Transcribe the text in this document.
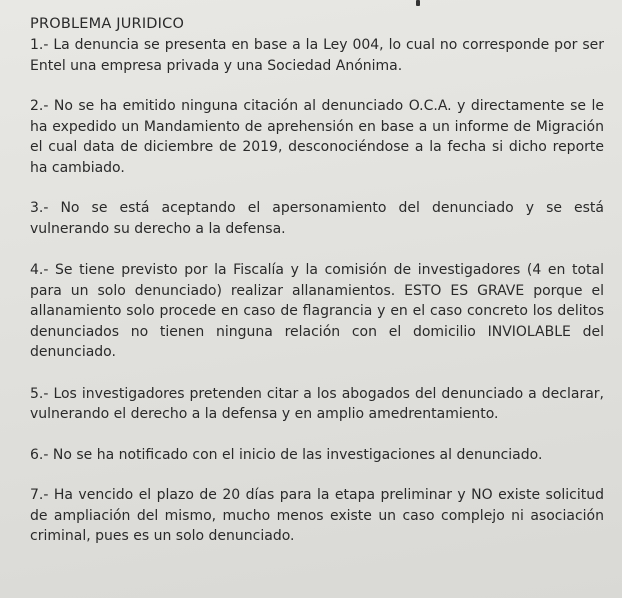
PROBLEMA JURIDICO

1.- La denuncia se presenta en base a la Ley 004, lo cual no corresponde por ser Entel una empresa privada y una Sociedad Anónima.

2.- No se ha emitido ninguna citación al denunciado O.C.A. y directamente se le ha expedido un Mandamiento de aprehensión en base a un informe de Migración el cual data de diciembre de 2019, desconociéndose a la fecha si dicho reporte ha cambiado.

3.- No se está aceptando el apersonamiento del denunciado y se está vulnerando su derecho a la defensa.

4.- Se tiene previsto por la Fiscalía y la comisión de investigadores (4 en total para un solo denunciado) realizar allanamientos. ESTO ES GRAVE porque el allanamiento solo procede en caso de flagrancia y en el caso concreto los delitos denunciados no tienen ninguna relación con el domicilio INVIOLABLE del denunciado.

5.- Los investigadores pretenden citar a los abogados del denunciado a declarar, vulnerando el derecho a la defensa y en amplio amedrentamiento.

6.- No se ha notificado con el inicio de las investigaciones al denunciado.

7.- Ha vencido el plazo de 20 días para la etapa preliminar y NO existe solicitud de ampliación del mismo, mucho menos existe un caso complejo ni asociación criminal, pues es un solo denunciado.
